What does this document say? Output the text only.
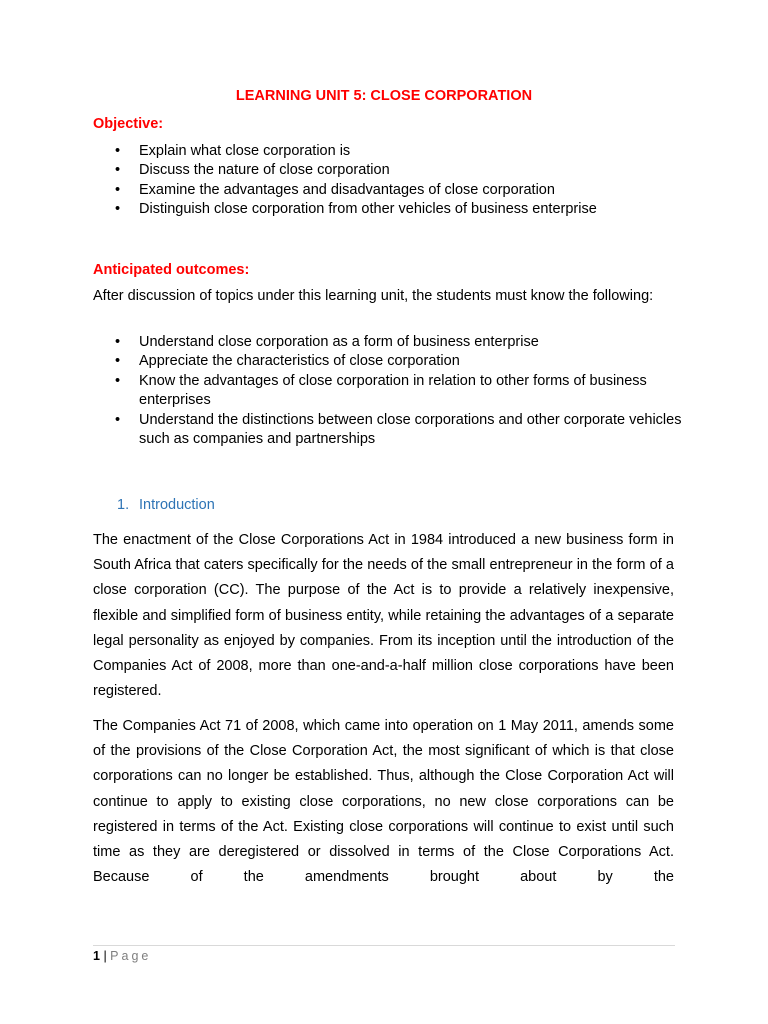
LEARNING UNIT 5: CLOSE CORPORATION
Objective:
• Explain what close corporation is
• Discuss the nature of close corporation
• Examine the advantages and disadvantages of close corporation
• Distinguish close corporation from other vehicles of business enterprise
Anticipated outcomes:
After discussion of topics under this learning unit, the students must know the following:
• Understand close corporation as a form of business enterprise
• Appreciate the characteristics of close corporation
• Know the advantages of close corporation in relation to other forms of business enterprises
• Understand the distinctions between close corporations and other corporate vehicles such as companies and partnerships
1. Introduction

The enactment of the Close Corporations Act in 1984 introduced a new business form in South Africa that caters specifically for the needs of the small entrepreneur in the form of a close corporation (CC). The purpose of the Act is to provide a relatively inexpensive, flexible and simplified form of business entity, while retaining the advantages of a separate legal personality as enjoyed by companies. From its inception until the introduction of the Companies Act of 2008, more than one-and-a-half million close corporations have been registered.

The Companies Act 71 of 2008, which came into operation on 1 May 2011, amends some of the provisions of the Close Corporation Act, the most significant of which is that close corporations can no longer be established. Thus, although the Close Corporation Act will continue to apply to existing close corporations, no new close corporations can be registered in terms of the Act. Existing close corporations will continue to exist until such time as they are deregistered or dissolved in terms of the Close Corporations Act. Because of the amendments brought about by the

1 | Page
